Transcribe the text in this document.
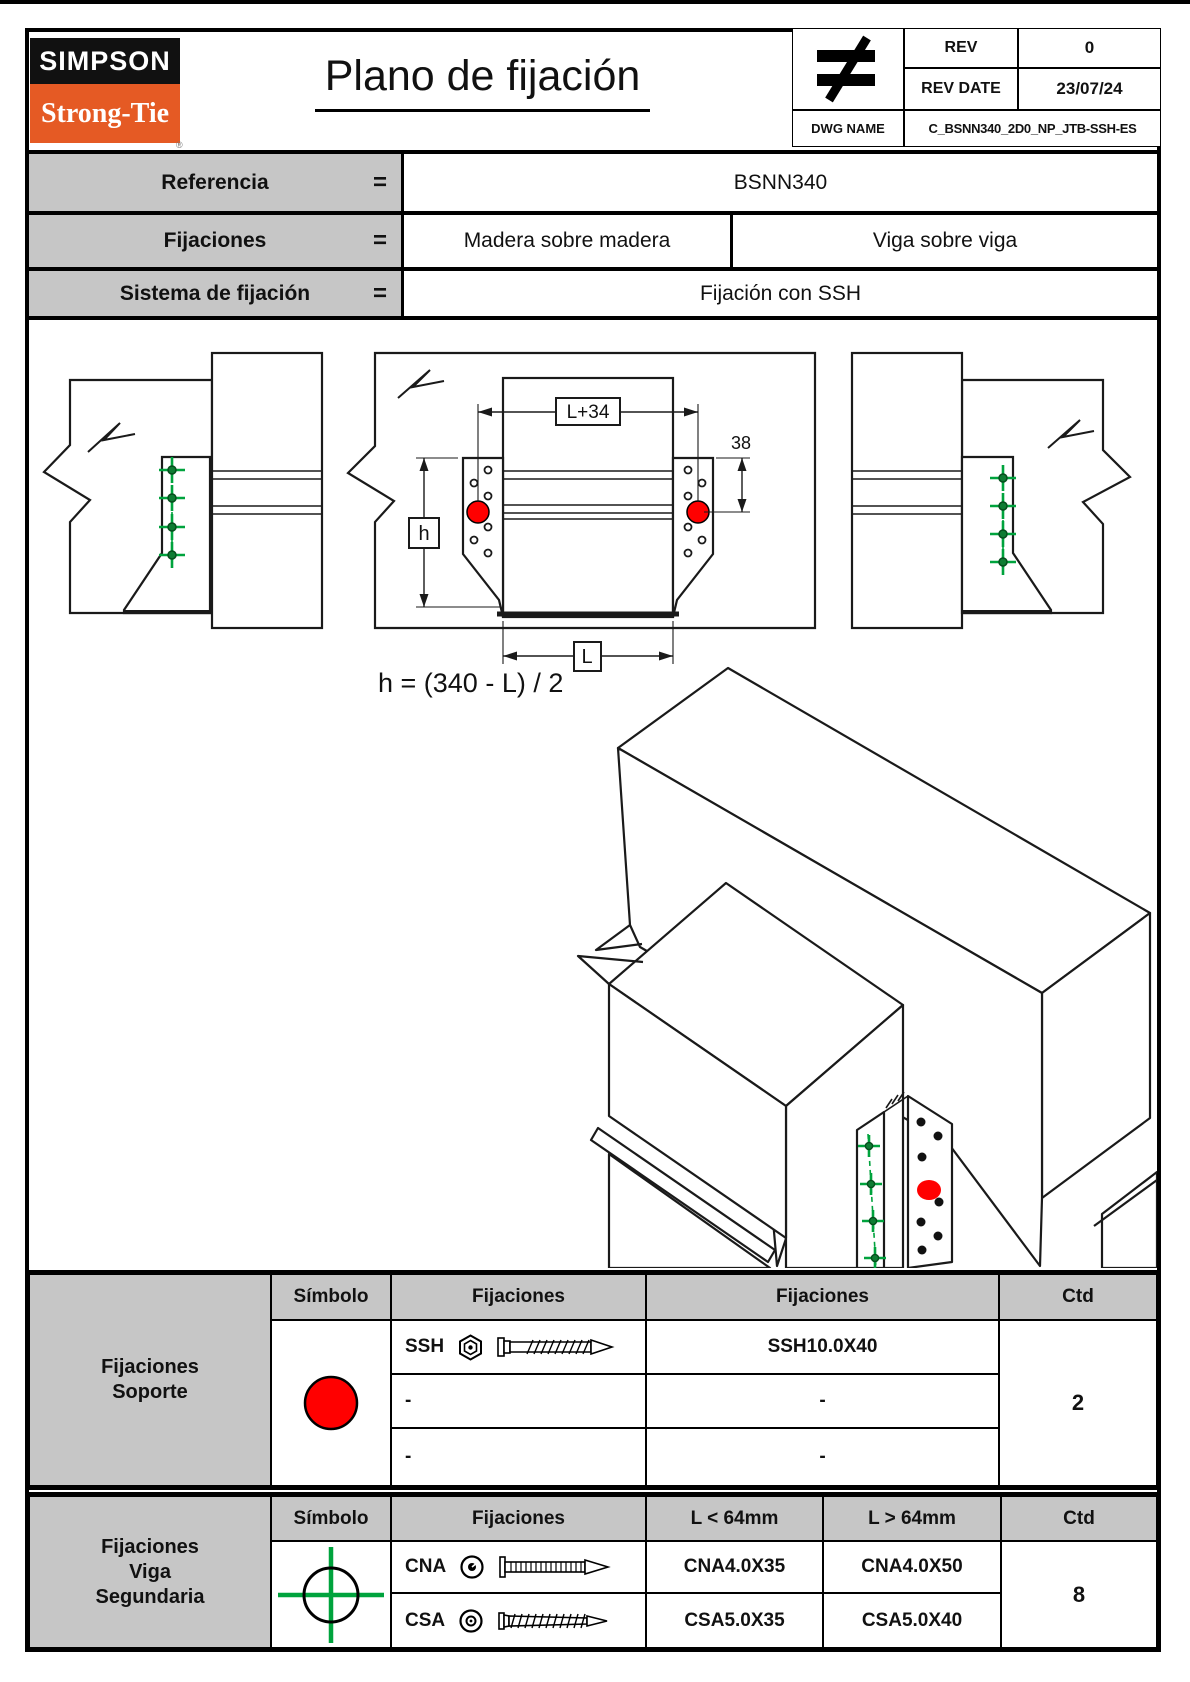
SIMPSON
Strong-Tie
®
Plano de fijación
REV	0
REV DATE	23/07/24
DWG NAME	C_BSNN340_2D0_NP_JTB-SSH-ES
Referencia	=	BSNN340
Fijaciones	=	Madera sobre madera	Viga sobre viga
Sistema de fijación	=	Fijación con SSH
L+34
38
h
L
h = (340 - L) / 2
Fijaciones
Soporte
Símbolo	Fijaciones	Fijaciones	Ctd
SSH	SSH10.0X40
2
-	-
-	-
Fijaciones
Viga
Segundaria
Símbolo	Fijaciones	L < 64mm	L > 64mm	Ctd
CNA	CNA4.0X35	CNA4.0X50
8
CSA	CSA5.0X35	CSA5.0X40
